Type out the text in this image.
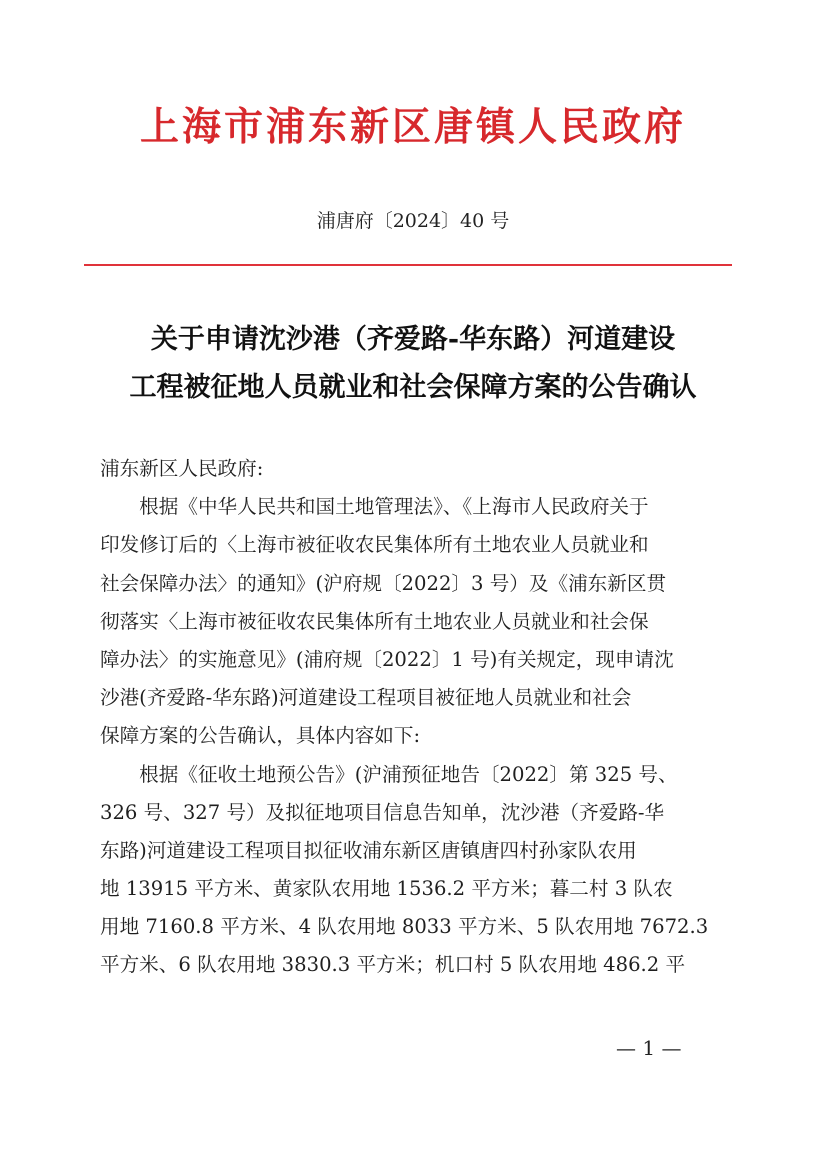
上海市浦东新区唐镇人民政府
浦唐府〔2024〕40 号
关于申请沈沙港（齐爱路-华东路）河道建设
工程被征地人员就业和社会保障方案的公告确认
浦东新区人民政府:
　　根据《中华人民共和国土地管理法》、《上海市人民政府关于
印发修订后的〈上海市被征收农民集体所有土地农业人员就业和
社会保障办法〉的通知》(沪府规〔2022〕3 号）及《浦东新区贯
彻落实〈上海市被征收农民集体所有土地农业人员就业和社会保
障办法〉的实施意见》(浦府规〔2022〕1 号)有关规定，现申请沈
沙港(齐爱路-华东路)河道建设工程项目被征地人员就业和社会
保障方案的公告确认，具体内容如下:
　　根据《征收土地预公告》(沪浦预征地告〔2022〕第 325 号、
326 号、327 号）及拟征地项目信息告知单，沈沙港（齐爱路-华
东路)河道建设工程项目拟征收浦东新区唐镇唐四村孙家队农用
地 13915 平方米、黄家队农用地 1536.2 平方米；暮二村 3 队农
用地 7160.8 平方米、4 队农用地 8033 平方米、5 队农用地 7672.3
平方米、6 队农用地 3830.3 平方米；机口村 5 队农用地 486.2 平
— 1 —
